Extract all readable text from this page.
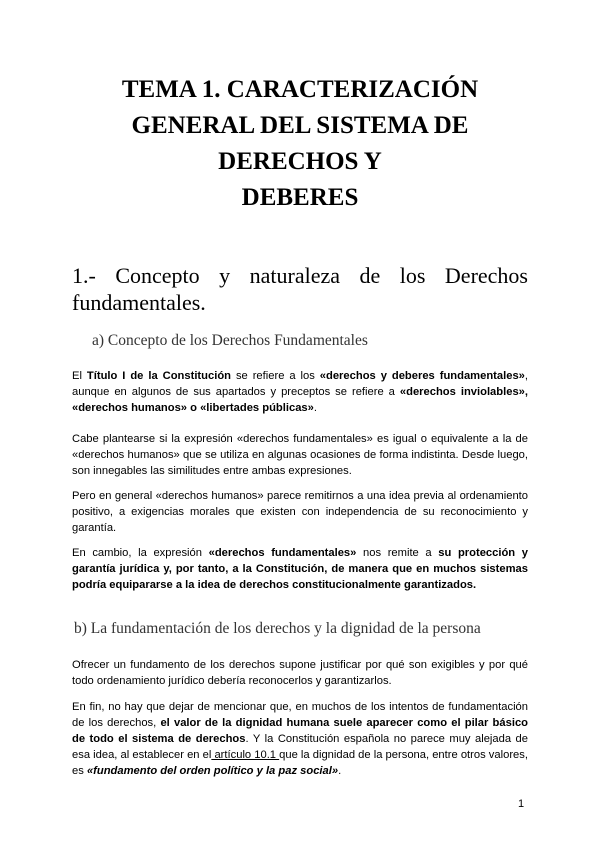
TEMA 1. CARACTERIZACIÓN
GENERAL DEL SISTEMA DE
DERECHOS Y
DEBERES
1.- Concepto y naturaleza de los Derechos fundamentales.
a) Concepto de los Derechos Fundamentales

El Título I de la Constitución se refiere a los «derechos y deberes fundamentales», aunque en algunos de sus apartados y preceptos se refiere a «derechos inviolables», «derechos humanos» o «libertades públicas».

Cabe plantearse si la expresión «derechos fundamentales» es igual o equivalente a la de «derechos humanos» que se utiliza en algunas ocasiones de forma indistinta. Desde luego, son innegables las similitudes entre ambas expresiones.

Pero en general «derechos humanos» parece remitirnos a una idea previa al ordenamiento positivo, a exigencias morales que existen con independencia de su reconocimiento y garantía.

En cambio, la expresión «derechos fundamentales» nos remite a su protección y garantía jurídica y, por tanto, a la Constitución, de manera que en muchos sistemas podría equipararse a la idea de derechos constitucionalmente garantizados.

b) La fundamentación de los derechos y la dignidad de la persona

Ofrecer un fundamento de los derechos supone justificar por qué son exigibles y por qué todo ordenamiento jurídico debería reconocerlos y garantizarlos.

En fin, no hay que dejar de mencionar que, en muchos de los intentos de fundamentación de los derechos, el valor de la dignidad humana suele aparecer como el pilar básico de todo el sistema de derechos. Y la Constitución española no parece muy alejada de esa idea, al establecer en el artículo 10.1 que la dignidad de la persona, entre otros valores, es «fundamento del orden político y la paz social».

1
